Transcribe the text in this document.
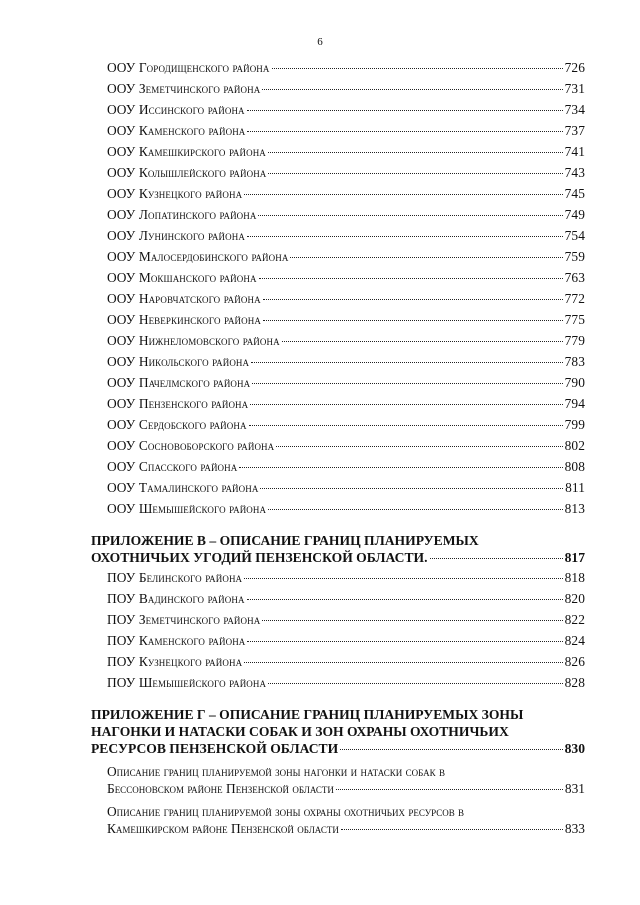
6
ООУ Городищенского района	726
ООУ Земетчинского района	731
ООУ Иссинского района	734
ООУ Каменского района	737
ООУ Камешкирского района	741
ООУ Колышлейского района	743
ООУ Кузнецкого района	745
ООУ Лопатинского района	749
ООУ Лунинского района	754
ООУ Малосердобинского района	759
ООУ Мокшанского района	763
ООУ Наровчатского района	772
ООУ Неверкинского района	775
ООУ Нижнеломовского района	779
ООУ Никольского района	783
ООУ Пачелмского района	790
ООУ Пензенского района	794
ООУ Сердобского района	799
ООУ Сосновоборского района	802
ООУ Спасского района	808
ООУ Тамалинского района	811
ООУ Шемышейского района	813
ПРИЛОЖЕНИЕ В – ОПИСАНИЕ ГРАНИЦ ПЛАНИРУЕМЫХ
ОХОТНИЧЬИХ УГОДИЙ ПЕНЗЕНСКОЙ ОБЛАСТИ.	817
ПОУ Белинского района	818
ПОУ Вадинского района	820
ПОУ Земетчинского района	822
ПОУ Каменского района	824
ПОУ Кузнецкого района	826
ПОУ Шемышейского района	828
ПРИЛОЖЕНИЕ Г – ОПИСАНИЕ ГРАНИЦ ПЛАНИРУЕМЫХ ЗОНЫ
НАГОНКИ И НАТАСКИ СОБАК И ЗОН ОХРАНЫ ОХОТНИЧЬИХ
РЕСУРСОВ ПЕНЗЕНСКОЙ ОБЛАСТИ	830
Описание границ планируемой зоны нагонки и натаски собак в
Бессоновском районе Пензенской области	831
Описание границ планируемой зоны охраны охотничьих ресурсов в
Камешкирском районе Пензенской области	833
